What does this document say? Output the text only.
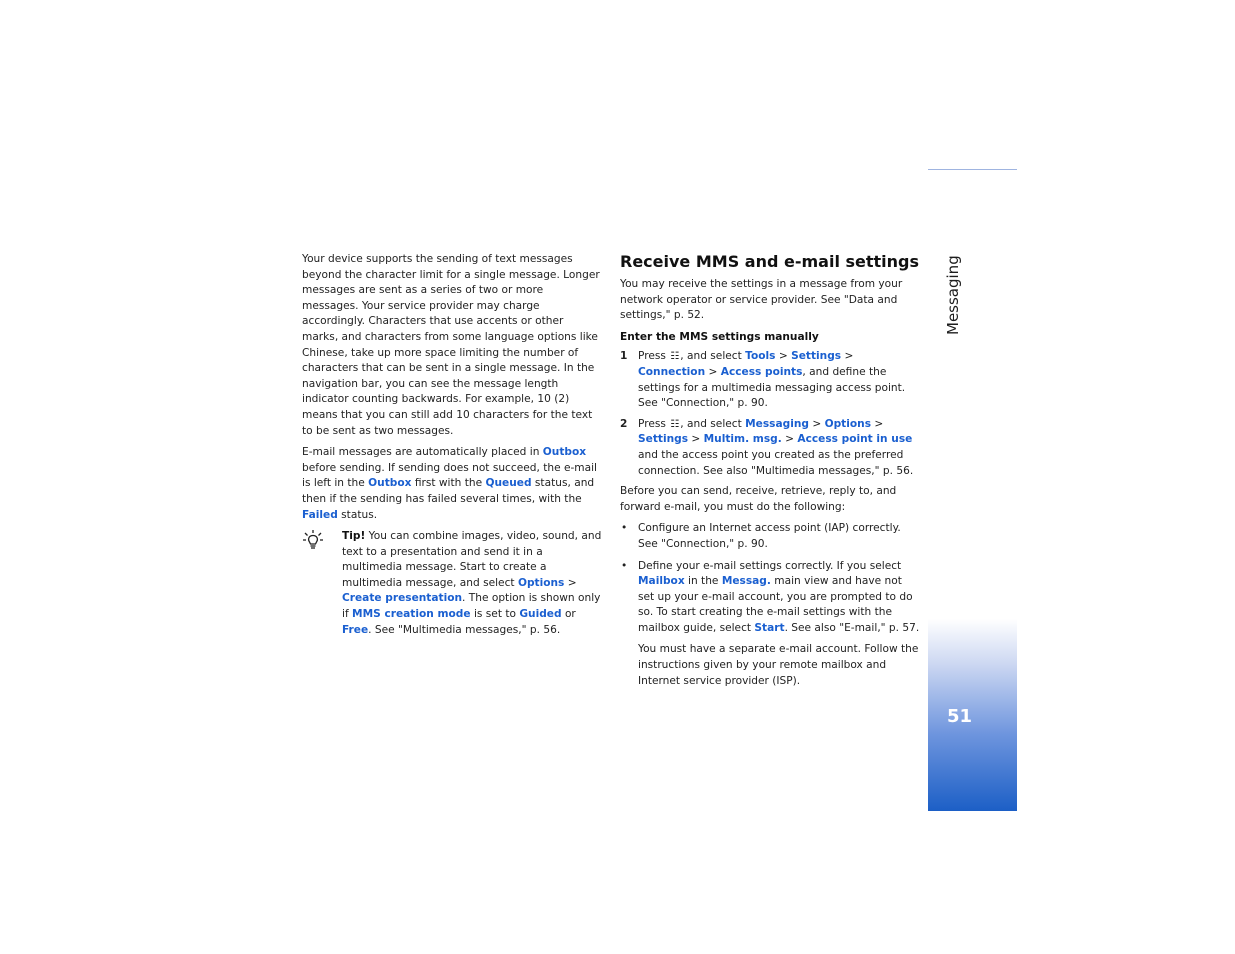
Your device supports the sending of text messages beyond the character limit for a single message. Longer messages are sent as a series of two or more messages. Your service provider may charge accordingly. Characters that use accents or other marks, and characters from some language options like Chinese, take up more space limiting the number of characters that can be sent in a single message. In the navigation bar, you can see the message length indicator counting backwards. For example, 10 (2) means that you can still add 10 characters for the text to be sent as two messages.

E-mail messages are automatically placed in Outbox before sending. If sending does not succeed, the e-mail is left in the Outbox first with the Queued status, and then if the sending has failed several times, with the Failed status.

Tip! You can combine images, video, sound, and text to a presentation and send it in a multimedia message. Start to create a multimedia message, and select Options > Create presentation. The option is shown only if MMS creation mode is set to Guided or Free. See "Multimedia messages," p. 56.
Receive MMS and e-mail settings

You may receive the settings in a message from your network operator or service provider. See "Data and settings," p. 52.

Enter the MMS settings manually
1 Press ☷, and select Tools > Settings > Connection > Access points, and define the settings for a multimedia messaging access point. See "Connection," p. 90.
2 Press ☷, and select Messaging > Options > Settings > Multim. msg. > Access point in use and the access point you created as the preferred connection. See also "Multimedia messages," p. 56.

Before you can send, receive, retrieve, reply to, and forward e-mail, you must do the following:

• Configure an Internet access point (IAP) correctly. See "Connection," p. 90.
• Define your e-mail settings correctly. If you select Mailbox in the Messag. main view and have not set up your e-mail account, you are prompted to do so. To start creating the e-mail settings with the mailbox guide, select Start. See also "E-mail," p. 57.

You must have a separate e-mail account. Follow the instructions given by your remote mailbox and Internet service provider (ISP).

Messaging
51
